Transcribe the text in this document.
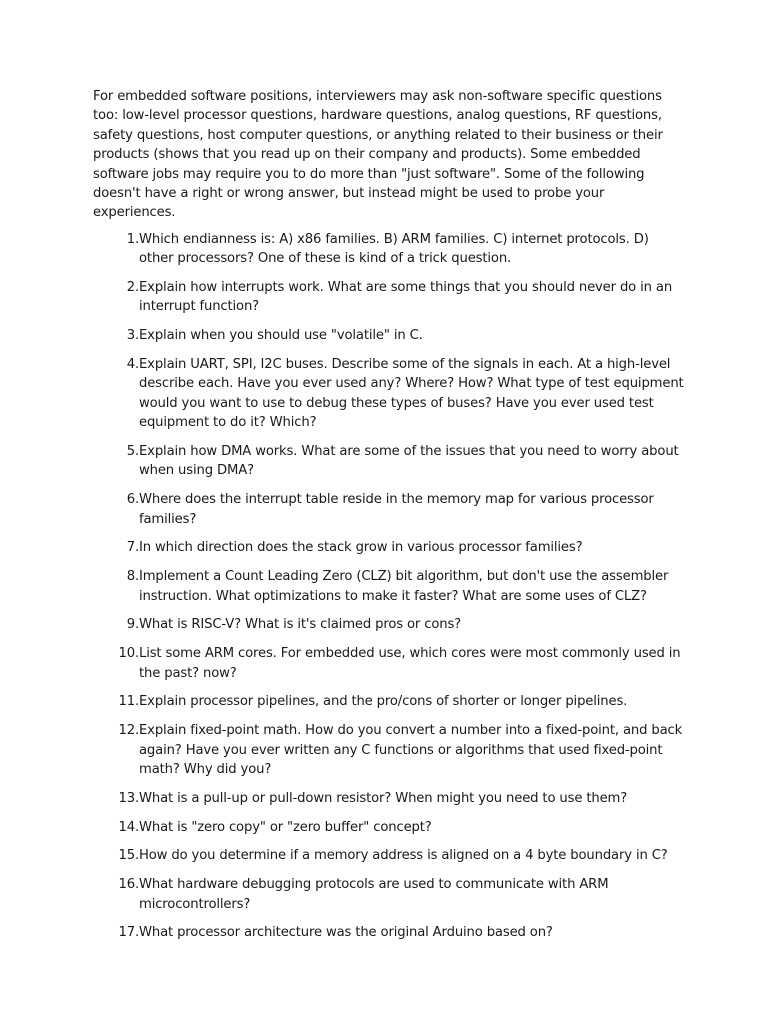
For embedded software positions, interviewers may ask non-software specific questions too: low-level processor questions, hardware questions, analog questions, RF questions, safety questions, host computer questions, or anything related to their business or their products (shows that you read up on their company and products). Some embedded software jobs may require you to do more than "just software". Some of the following doesn't have a right or wrong answer, but instead might be used to probe your experiences.

1. Which endianness is: A) x86 families. B) ARM families. C) internet protocols. D) other processors? One of these is kind of a trick question.
2. Explain how interrupts work. What are some things that you should never do in an interrupt function?
3. Explain when you should use "volatile" in C.
4. Explain UART, SPI, I2C buses. Describe some of the signals in each. At a high-level describe each. Have you ever used any? Where? How? What type of test equipment would you want to use to debug these types of buses? Have you ever used test equipment to do it? Which?
5. Explain how DMA works. What are some of the issues that you need to worry about when using DMA?
6. Where does the interrupt table reside in the memory map for various processor families?
7. In which direction does the stack grow in various processor families?
8. Implement a Count Leading Zero (CLZ) bit algorithm, but don't use the assembler instruction. What optimizations to make it faster? What are some uses of CLZ?
9. What is RISC-V? What is it's claimed pros or cons?
10. List some ARM cores. For embedded use, which cores were most commonly used in the past? now?
11. Explain processor pipelines, and the pro/cons of shorter or longer pipelines.
12. Explain fixed-point math. How do you convert a number into a fixed-point, and back again? Have you ever written any C functions or algorithms that used fixed-point math? Why did you?
13. What is a pull-up or pull-down resistor? When might you need to use them?
14. What is "zero copy" or "zero buffer" concept?
15. How do you determine if a memory address is aligned on a 4 byte boundary in C?
16. What hardware debugging protocols are used to communicate with ARM microcontrollers?
17. What processor architecture was the original Arduino based on?
